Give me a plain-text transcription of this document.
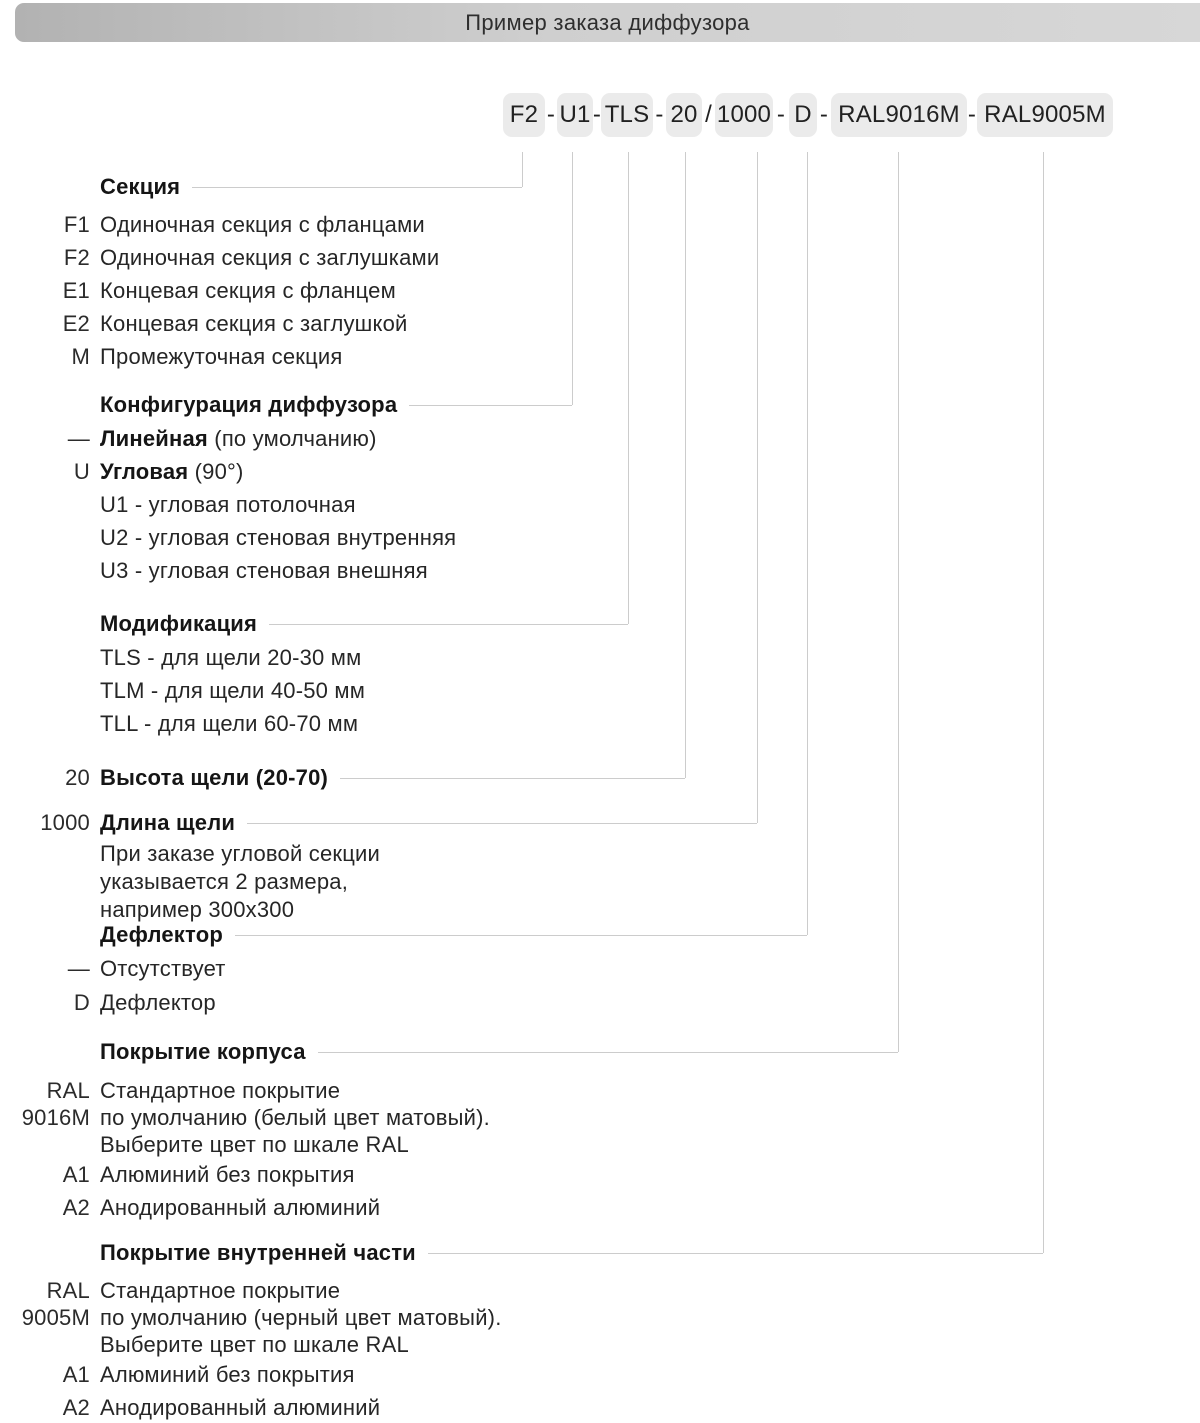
Пример заказа диффузора
F2 - U1 - TLS - 20 / 1000 - D - RAL9016M - RAL9005M
Секция
F1 Одиночная секция с фланцами
F2 Одиночная секция с заглушками
E1 Концевая секция с фланцем
E2 Концевая секция с заглушкой
M Промежуточная секция
Конфигурация диффузора
— Линейная (по умолчанию)
U Угловая (90°)
U1 - угловая потолочная
U2 - угловая стеновая внутренняя
U3 - угловая стеновая внешняя
Модификация
TLS - для щели 20-30 мм
TLM - для щели 40-50 мм
TLL - для щели 60-70 мм
20 Высота щели (20-70)
1000 Длина щели
При заказе угловой секции
указывается 2 размера,
например 300x300
Дефлектор
— Отсутствует
D Дефлектор
Покрытие корпуса
RAL
9016M
Стандартное покрытие
по умолчанию (белый цвет матовый).
Выберите цвет по шкале RAL
A1 Алюминий без покрытия
A2 Анодированный алюминий
Покрытие внутренней части
RAL
9005M
Стандартное покрытие
по умолчанию (черный цвет матовый).
Выберите цвет по шкале RAL
A1 Алюминий без покрытия
A2 Анодированный алюминий
